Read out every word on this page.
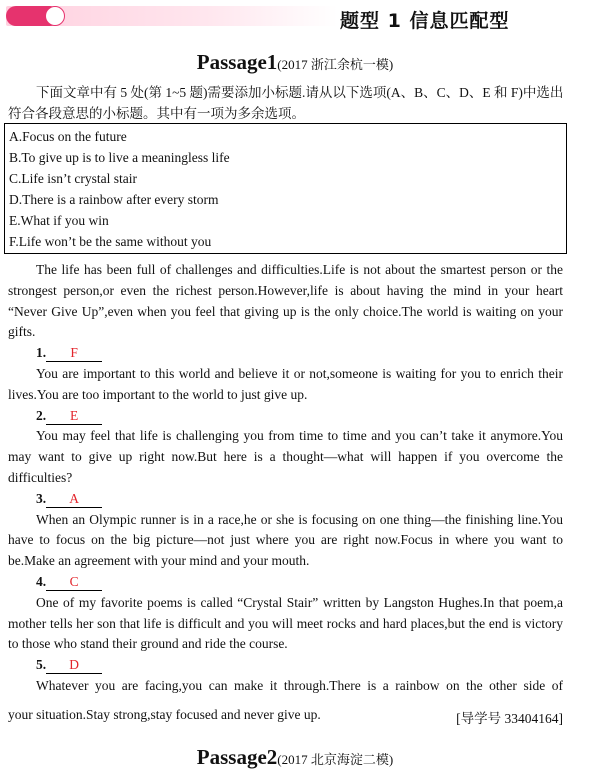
题型 1 信息匹配型
Passage1(2017 浙江余杭一模)
下面文章中有 5 处(第 1~5 题)需要添加小标题.请从以下选项(A、B、C、D、E 和 F)中选出符合各段意思的小标题。其中有一项为多余选项。
A.Focus on the future
B.To give up is to live a meaningless life
C.Life isn’t crystal stair
D.There is a rainbow after every storm
E.What if you win
F.Life won’t be the same without you

The life has been full of challenges and difficulties.Life is not about the smartest person or the strongest person,or even the richest person.However,life is about having the mind in your heart “Never Give Up”,even when you feel that giving up is the only choice.The world is waiting on your gifts.

1. F

You are important to this world and believe it or not,someone is waiting for you to enrich their lives.You are too important to the world to just give up.

2. E

You may feel that life is challenging you from time to time and you can’t take it anymore.You may want to give up right now.But here is a thought—what will happen if you overcome the difficulties?

3. A

When an Olympic runner is in a race,he or she is focusing on one thing—the finishing line.You have to focus on the big picture—not just where you are right now.Focus in where you want to be.Make an agreement with your mind and your mouth.

4. C

One of my favorite poems is called “Crystal Stair” written by Langston Hughes.In that poem,a mother tells her son that life is difficult and you will meet rocks and hard places,but the end is victory to those who stand their ground and ride the course.

5. D

Whatever you are facing,you can make it through.There is a rainbow on the other side of

your situation.Stay strong,stay focused and never give up.	[导学号 33404164]
Passage2(2017 北京海淀二模)
